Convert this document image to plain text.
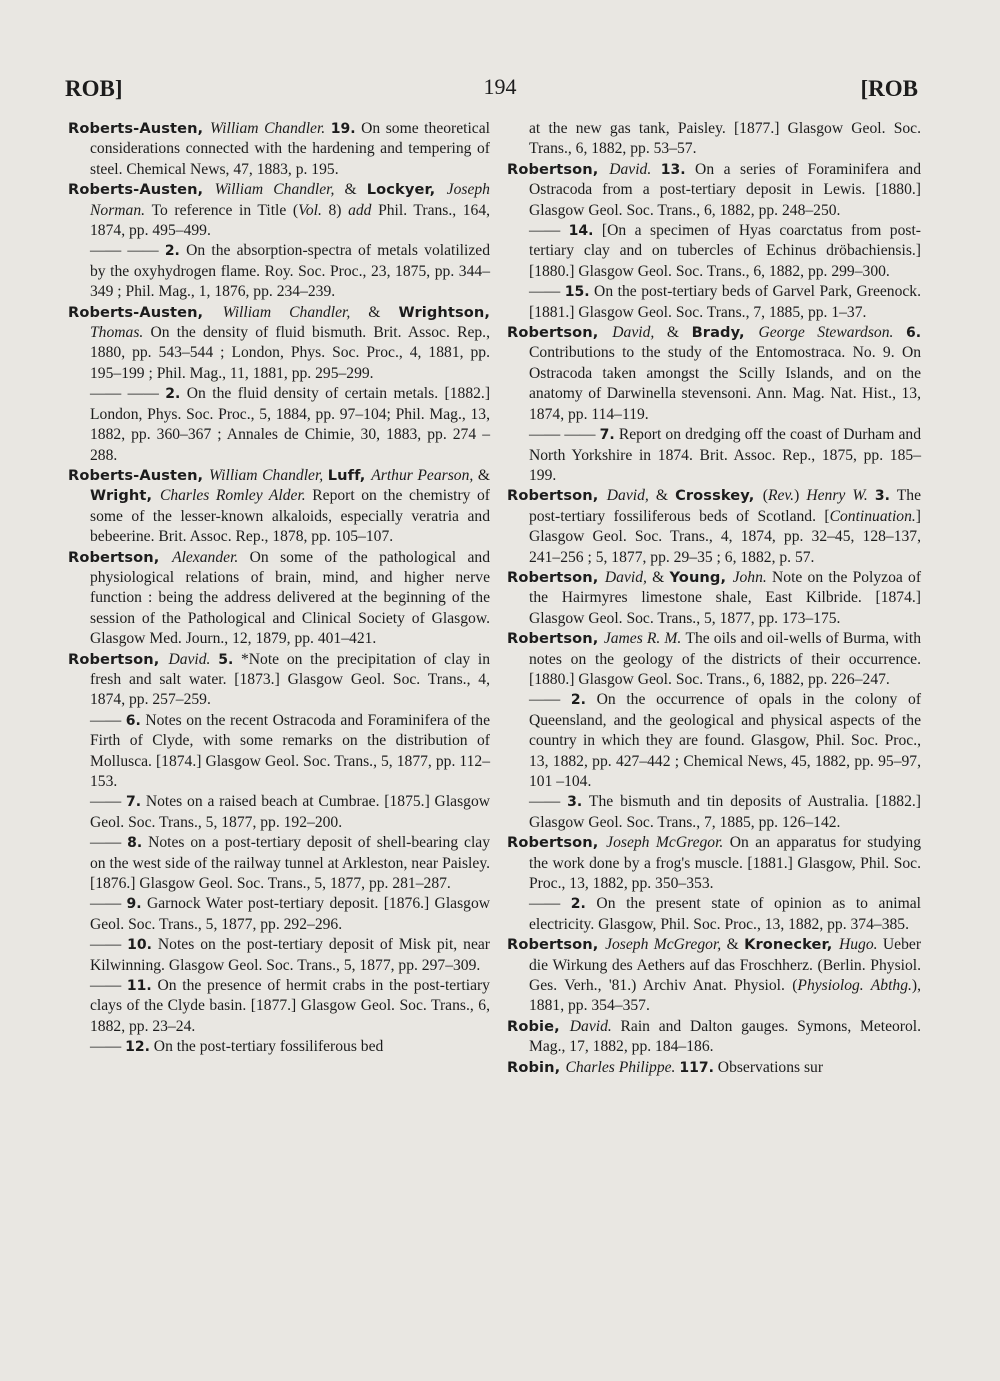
ROB]	194	[ROB

Roberts-Austen, William Chandler. 19. On some theoretical considerations connected with the hardening and tempering of steel. Chemical News, 47, 1883, p. 195.

Roberts-Austen, William Chandler, & Lockyer, Joseph Norman. To reference in Title (Vol. 8) add Phil. Trans., 164, 1874, pp. 495–499.

—— —— 2. On the absorption-spectra of metals volatilized by the oxyhydrogen flame. Roy. Soc. Proc., 23, 1875, pp. 344–349 ; Phil. Mag., 1, 1876, pp. 234–239.

Roberts-Austen, William Chandler, & Wrightson, Thomas. On the density of fluid bismuth. Brit. Assoc. Rep., 1880, pp. 543–544 ; London, Phys. Soc. Proc., 4, 1881, pp. 195–199 ; Phil. Mag., 11, 1881, pp. 295–299.

—— —— 2. On the fluid density of certain metals. [1882.] London, Phys. Soc. Proc., 5, 1884, pp. 97–104; Phil. Mag., 13, 1882, pp. 360–367 ; Annales de Chimie, 30, 1883, pp. 274 –288.

Roberts-Austen, William Chandler, Luff, Arthur Pearson, & Wright, Charles Romley Alder. Report on the chemistry of some of the lesser-known alkaloids, especially veratria and bebeerine. Brit. Assoc. Rep., 1878, pp. 105–107.

Robertson, Alexander. On some of the pathological and physiological relations of brain, mind, and higher nerve function : being the address delivered at the beginning of the session of the Pathological and Clinical Society of Glasgow. Glasgow Med. Journ., 12, 1879, pp. 401–421.

Robertson, David. 5. *Note on the precipitation of clay in fresh and salt water. [1873.] Glasgow Geol. Soc. Trans., 4, 1874, pp. 257–259.

—— 6. Notes on the recent Ostracoda and Foraminifera of the Firth of Clyde, with some remarks on the distribution of Mollusca. [1874.] Glasgow Geol. Soc. Trans., 5, 1877, pp. 112–153.

—— 7. Notes on a raised beach at Cumbrae. [1875.] Glasgow Geol. Soc. Trans., 5, 1877, pp. 192–200.

—— 8. Notes on a post-tertiary deposit of shell-bearing clay on the west side of the railway tunnel at Arkleston, near Paisley. [1876.] Glasgow Geol. Soc. Trans., 5, 1877, pp. 281–287.

—— 9. Garnock Water post-tertiary deposit. [1876.] Glasgow Geol. Soc. Trans., 5, 1877, pp. 292–296.

—— 10. Notes on the post-tertiary deposit of Misk pit, near Kilwinning. Glasgow Geol. Soc. Trans., 5, 1877, pp. 297–309.

—— 11. On the presence of hermit crabs in the post-tertiary clays of the Clyde basin. [1877.] Glasgow Geol. Soc. Trans., 6, 1882, pp. 23–24.

—— 12. On the post-tertiary fossiliferous bed

at the new gas tank, Paisley. [1877.] Glasgow Geol. Soc. Trans., 6, 1882, pp. 53–57.

Robertson, David. 13. On a series of Foraminifera and Ostracoda from a post-tertiary deposit in Lewis. [1880.] Glasgow Geol. Soc. Trans., 6, 1882, pp. 248–250.

—— 14. [On a specimen of Hyas coarctatus from post-tertiary clay and on tubercles of Echinus dröbachiensis.] [1880.] Glasgow Geol. Soc. Trans., 6, 1882, pp. 299–300.

—— 15. On the post-tertiary beds of Garvel Park, Greenock. [1881.] Glasgow Geol. Soc. Trans., 7, 1885, pp. 1–37.

Robertson, David, & Brady, George Stewardson. 6. Contributions to the study of the Entomostraca. No. 9. On Ostracoda taken amongst the Scilly Islands, and on the anatomy of Darwinella stevensoni. Ann. Mag. Nat. Hist., 13, 1874, pp. 114–119.

—— —— 7. Report on dredging off the coast of Durham and North Yorkshire in 1874. Brit. Assoc. Rep., 1875, pp. 185–199.

Robertson, David, & Crosskey, (Rev.) Henry W. 3. The post-tertiary fossiliferous beds of Scotland. [Continuation.] Glasgow Geol. Soc. Trans., 4, 1874, pp. 32–45, 128–137, 241–256 ; 5, 1877, pp. 29–35 ; 6, 1882, p. 57.

Robertson, David, & Young, John. Note on the Polyzoa of the Hairmyres limestone shale, East Kilbride. [1874.] Glasgow Geol. Soc. Trans., 5, 1877, pp. 173–175.

Robertson, James R. M. The oils and oil-wells of Burma, with notes on the geology of the districts of their occurrence. [1880.] Glasgow Geol. Soc. Trans., 6, 1882, pp. 226–247.

—— 2. On the occurrence of opals in the colony of Queensland, and the geological and physical aspects of the country in which they are found. Glasgow, Phil. Soc. Proc., 13, 1882, pp. 427–442 ; Chemical News, 45, 1882, pp. 95–97, 101 –104.

—— 3. The bismuth and tin deposits of Australia. [1882.] Glasgow Geol. Soc. Trans., 7, 1885, pp. 126–142.

Robertson, Joseph McGregor. On an apparatus for studying the work done by a frog's muscle. [1881.] Glasgow, Phil. Soc. Proc., 13, 1882, pp. 350–353.

—— 2. On the present state of opinion as to animal electricity. Glasgow, Phil. Soc. Proc., 13, 1882, pp. 374–385.

Robertson, Joseph McGregor, & Kronecker, Hugo. Ueber die Wirkung des Aethers auf das Froschherz. (Berlin. Physiol. Ges. Verh., '81.) Archiv Anat. Physiol. (Physiolog. Abthg.), 1881, pp. 354–357.

Robie, David. Rain and Dalton gauges. Symons, Meteorol. Mag., 17, 1882, pp. 184–186.

Robin, Charles Philippe. 117. Observations sur
